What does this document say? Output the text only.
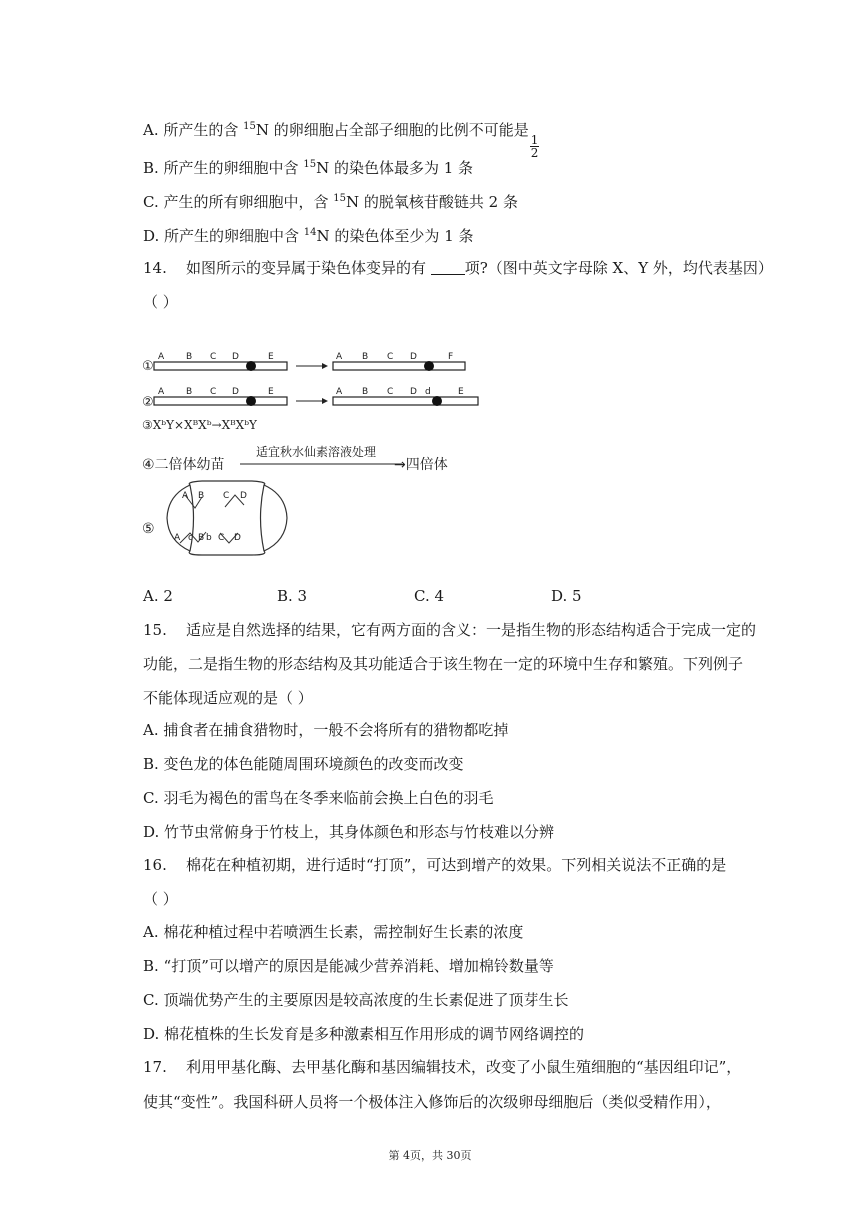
A. 所产生的含 $^{15}$N 的卵细胞占全部子细胞的比例不可能是
$\frac{1}{2}$
B. 所产生的卵细胞中含 $^{15}$N 的染色体最多为 1 条
C. 产生的所有卵细胞中，含 $^{15}$N 的脱氧核苷酸链共 2 条
D. 所产生的卵细胞中含 $^{14}$N 的染色体至少为 1 条
14. 如图所示的变异属于染色体变异的有 项?（图中英文字母除 X、Y 外，均代表基因）
（ ）
①
A B C D	E	A B C D	F
②
A B C D	E	A B C D d	E
③XᵇY×XᴮXᵇ→XᴮXᵇY
④二倍体幼苗
适宜秋水仙素溶液处理
→四倍体
⑤
A B C D
A c B b C D
A. 2	B. 3	C. 4	D. 5
15. 适应是自然选择的结果，它有两方面的含义：一是指生物的形态结构适合于完成一定的
功能，二是指生物的形态结构及其功能适合于该生物在一定的环境中生存和繁殖。下列例子
不能体现适应观的是（ ）
A. 捕食者在捕食猎物时，一般不会将所有的猎物都吃掉
B. 变色龙的体色能随周围环境颜色的改变而改变
C. 羽毛为褐色的雷鸟在冬季来临前会换上白色的羽毛
D. 竹节虫常俯身于竹枝上，其身体颜色和形态与竹枝难以分辨
16. 棉花在种植初期，进行适时“打顶”，可达到增产的效果。下列相关说法不正确的是
（ ）
A. 棉花种植过程中若喷洒生长素，需控制好生长素的浓度
B. “打顶”可以增产的原因是能减少营养消耗、增加棉铃数量等
C. 顶端优势产生的主要原因是较高浓度的生长素促进了顶芽生长
D. 棉花植株的生长发育是多种激素相互作用形成的调节网络调控的
17. 利用甲基化酶、去甲基化酶和基因编辑技术，改变了小鼠生殖细胞的“基因组印记”，
使其“变性”。我国科研人员将一个极体注入修饰后的次级卵母细胞后（类似受精作用），
第 4页，共 30页
